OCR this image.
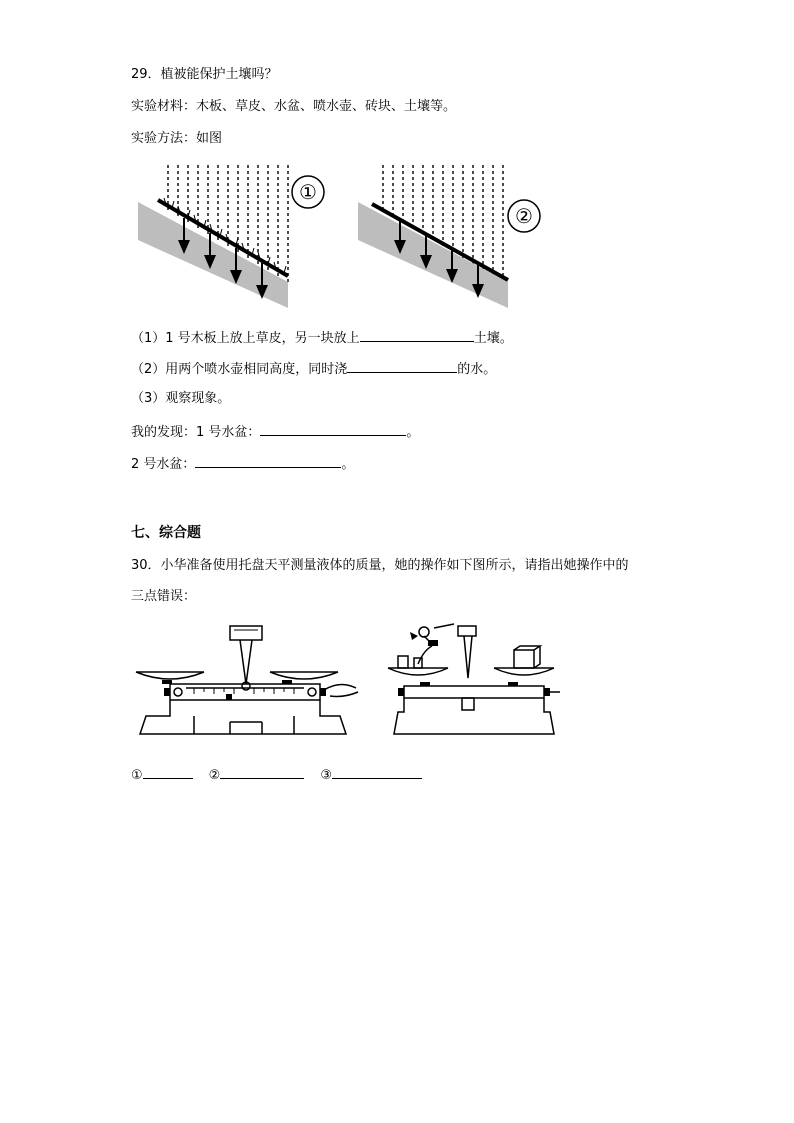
29．植被能保护土壤吗？
实验材料：木板、草皮、水盆、喷水壶、砖块、土壤等。
实验方法：如图
①
②
（1）1 号木板上放上草皮，另一块放上	土壤。
（2）用两个喷水壶相同高度，同时浇	的水。
（3）观察现象。
我的发现：1 号水盆：	。
2 号水盆：	。
七、综合题
30．小华准备使用托盘天平测量液体的质量，她的操作如下图所示，请指出她操作中的
三点错误：
①	②	③
